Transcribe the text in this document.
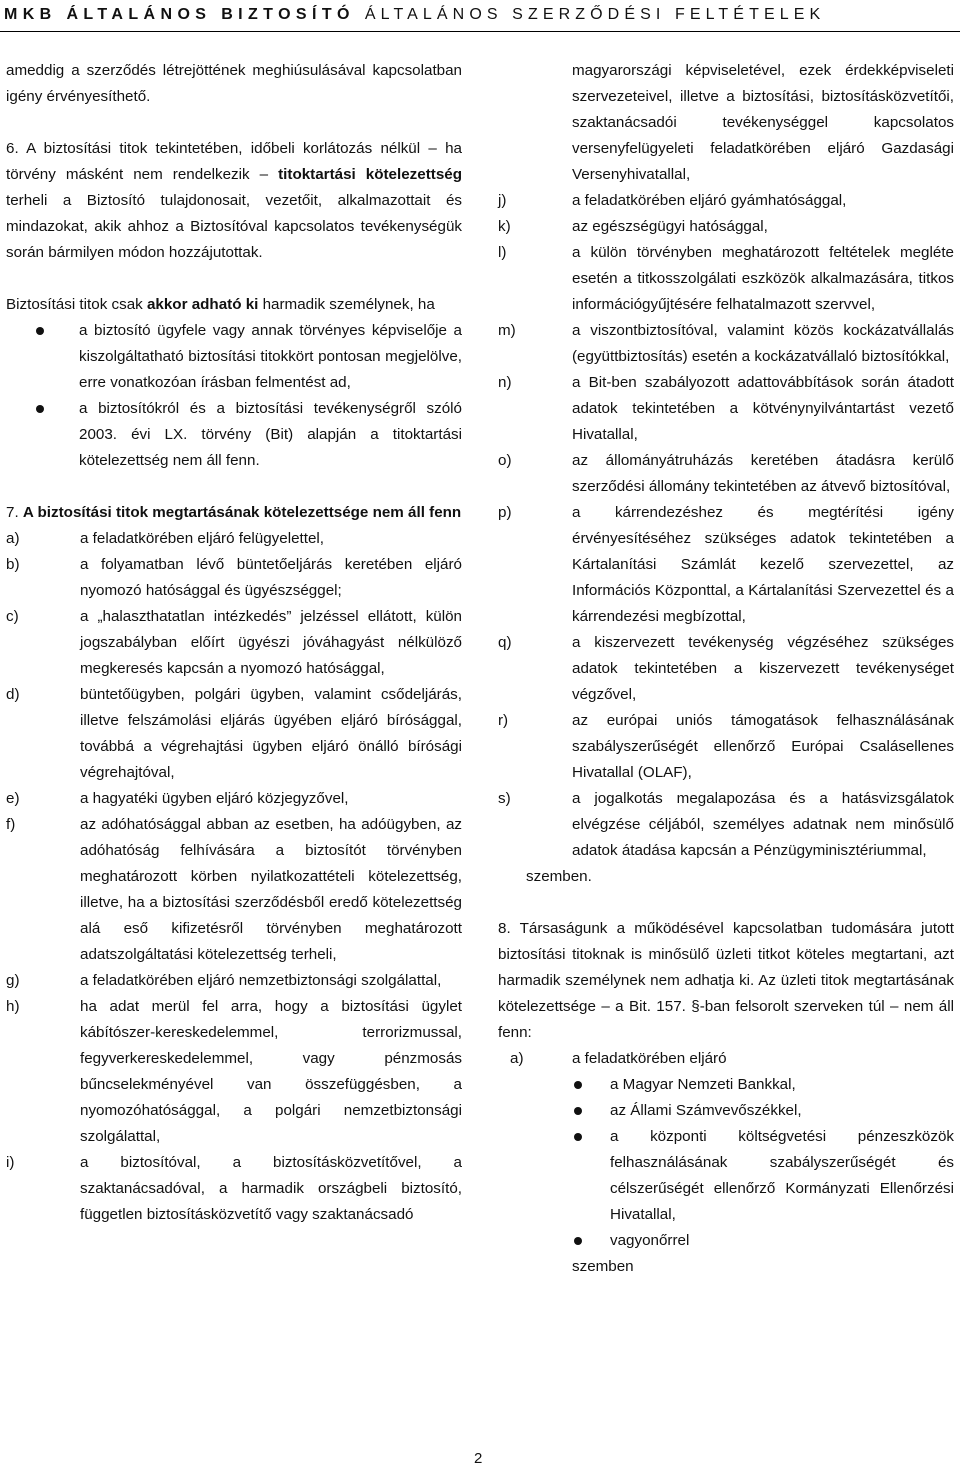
MKB ÁLTALÁNOS BIZTOSÍTÓ ÁLTALÁNOS SZERZŐDÉSI FELTÉTELEK

ameddig a szerződés létrejöttének meghiúsulásával kapcsolatban igény érvényesíthető.

6. A biztosítási titok tekintetében, időbeli korlátozás nélkül – ha törvény másként nem rendelkezik – titoktartási kötelezettség terheli a Biztosító tulajdonosait, vezetőit, alkalmazottait és mindazokat, akik ahhoz a Biztosítóval kapcsolatos tevékenységük során bármilyen módon hozzájutottak.

Biztosítási titok csak akkor adható ki harmadik személynek, ha

a biztosító ügyfele vagy annak törvényes képviselője a kiszolgáltatható biztosítási titokkört pontosan megjelölve, erre vonatkozóan írásban felmentést ad,
a biztosítókról és a biztosítási tevékenységről szóló 2003. évi LX. törvény (Bit) alapján a titoktartási kötelezettség nem áll fenn.

7. A biztosítási titok megtartásának kötelezettsége nem áll fenn

a)	a feladatkörében eljáró felügyelettel,
b)	a folyamatban lévő büntetőeljárás keretében eljáró nyomozó hatósággal és ügyészséggel;
c)	a „halaszthatatlan intézkedés” jelzéssel ellátott, külön jogszabályban előírt ügyészi jóváhagyást nélkülöző megkeresés kapcsán a nyomozó hatósággal,
d)	büntetőügyben, polgári ügyben, valamint csődeljárás, illetve felszámolási eljárás ügyében eljáró bírósággal, továbbá a végrehajtási ügyben eljáró önálló bírósági végrehajtóval,
e)	a hagyatéki ügyben eljáró közjegyzővel,
f)	az adóhatósággal abban az esetben, ha adóügyben, az adóhatóság felhívására a biztosítót törvényben meghatározott körben nyilatkozattételi kötelezettség, illetve, ha a biztosítási szerződésből eredő kötelezettség alá eső kifizetésről törvényben meghatározott adatszolgáltatási kötelezettség terheli,
g)	a feladatkörében eljáró nemzetbiztonsági szolgálattal,
h)	ha adat merül fel arra, hogy a biztosítási ügylet kábítószer-kereskedelemmel, terrorizmussal, fegyverkereskedelemmel, vagy pénzmosás bűncselekményével van összefüggésben, a nyomozóhatósággal, a polgári nemzetbiztonsági szolgálattal,
i)	a biztosítóval, a biztosításközvetítővel, a szaktanácsadóval, a harmadik országbeli biztosító, független biztosításközvetítő vagy szaktanácsadó
magyarországi képviseletével, ezek érdekképviseleti szervezeteivel, illetve a biztosítási, biztosításközvetítői, szaktanácsadói tevékenységgel kapcsolatos versenyfelügyeleti feladatkörében eljáró Gazdasági Versenyhivatallal,
j)	a feladatkörében eljáró gyámhatósággal,
k)	az egészségügyi hatósággal,
l)	a külön törvényben meghatározott feltételek megléte esetén a titkosszolgálati eszközök alkalmazására, titkos információgyűjtésére felhatalmazott szervvel,
m)	a viszontbiztosítóval, valamint közös kockázatvállalás (együttbiztosítás) esetén a kockázatvállaló biztosítókkal,
n)	a Bit-ben szabályozott adattovábbítások során átadott adatok tekintetében a kötvénynyilvántartást vezető Hivatallal,
o)	az állományátruházás keretében átadásra kerülő szerződési állomány tekintetében az átvevő biztosítóval,
p)	a kárrendezéshez és megtérítési igény érvényesítéséhez szükséges adatok tekintetében a Kártalanítási Számlát kezelő szervezettel, az Információs Központtal, a Kártalanítási Szervezettel és a kárrendezési megbízottal,
q)	a kiszervezett tevékenység végzéséhez szükséges adatok tekintetében a kiszervezett tevékenységet végzővel,
r)	az európai uniós támogatások felhasználásának szabályszerűségét ellenőrző Európai Csalásellenes Hivatallal (OLAF),
s)	a jogalkotás megalapozása és a hatásvizsgálatok elvégzése céljából, személyes adatnak nem minősülő adatok átadása kapcsán a Pénzügyminisztériummal,

szemben.

8. Társaságunk a működésével kapcsolatban tudomására jutott biztosítási titoknak is minősülő üzleti titkot köteles megtartani, azt harmadik személynek nem adhatja ki. Az üzleti titok megtartásának kötelezettsége – a Bit. 157. §-ban felsorolt szerveken túl – nem áll fenn:

a)	a feladatkörében eljáró
a Magyar Nemzeti Bankkal,
az Állami Számvevőszékkel,
a központi költségvetési pénzeszközök felhasználásának szabályszerűségét és célszerűségét ellenőrző Kormányzati Ellenőrzési Hivatallal,
vagyonőrrel

szemben

2
